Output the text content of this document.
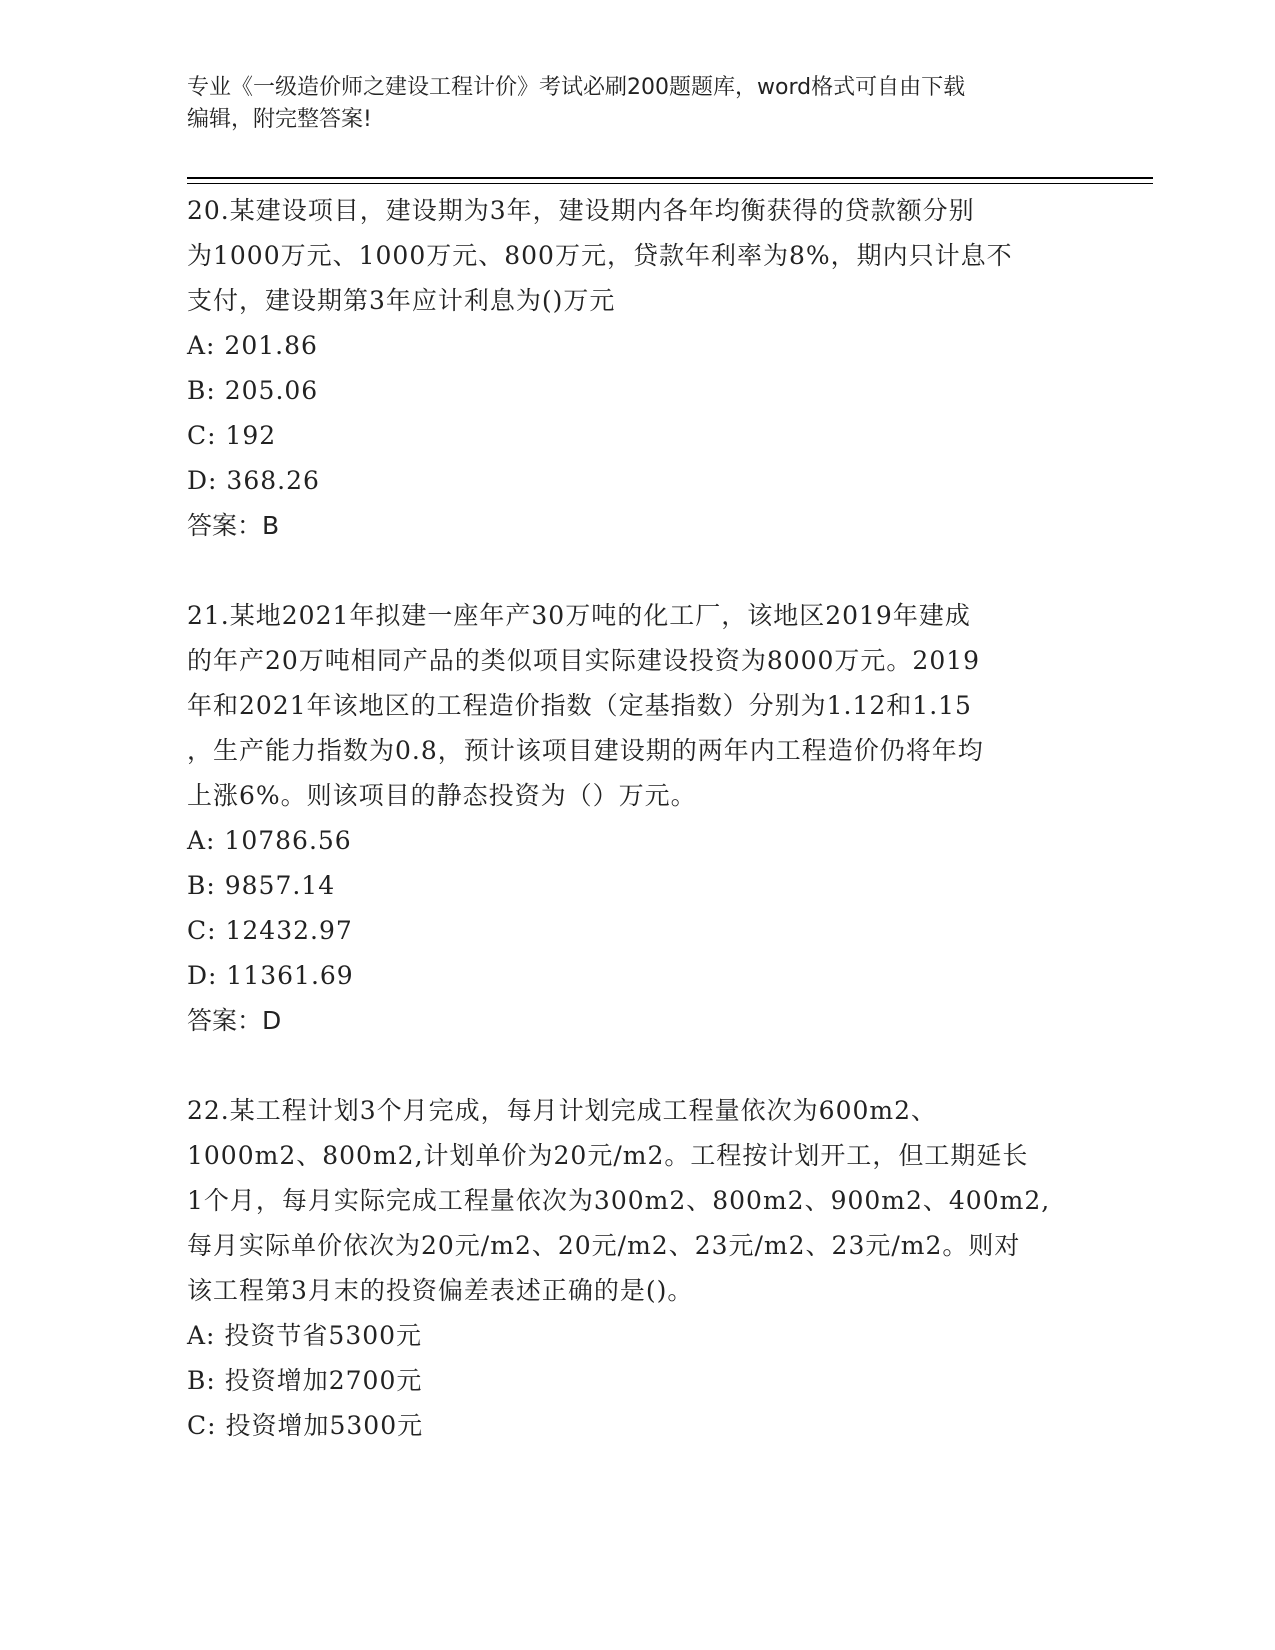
专业《一级造价师之建设工程计价》考试必刷200题题库，word格式可自由下载
编辑，附完整答案!
20.某建设项目，建设期为3年，建设期内各年均衡获得的贷款额分别
为1000万元、1000万元、800万元，贷款年利率为8%，期内只计息不
支付，建设期第3年应计利息为()万元
A: 201.86
B: 205.06
C: 192
D: 368.26
答案：B
21.某地2021年拟建一座年产30万吨的化工厂，该地区2019年建成
的年产20万吨相同产品的类似项目实际建设投资为8000万元。2019
年和2021年该地区的工程造价指数（定基指数）分别为1.12和1.15
，生产能力指数为0.8，预计该项目建设期的两年内工程造价仍将年均
上涨6%。则该项目的静态投资为（）万元。
A: 10786.56
B: 9857.14
C: 12432.97
D: 11361.69
答案：D
22.某工程计划3个月完成，每月计划完成工程量依次为600m2、
1000m2、800m2,计划单价为20元/m2。工程按计划开工，但工期延长
1个月，每月实际完成工程量依次为300m2、800m2、900m2、400m2,
每月实际单价依次为20元/m2、20元/m2、23元/m2、23元/m2。则对
该工程第3月末的投资偏差表述正确的是()。
A: 投资节省5300元
B: 投资增加2700元
C: 投资增加5300元
